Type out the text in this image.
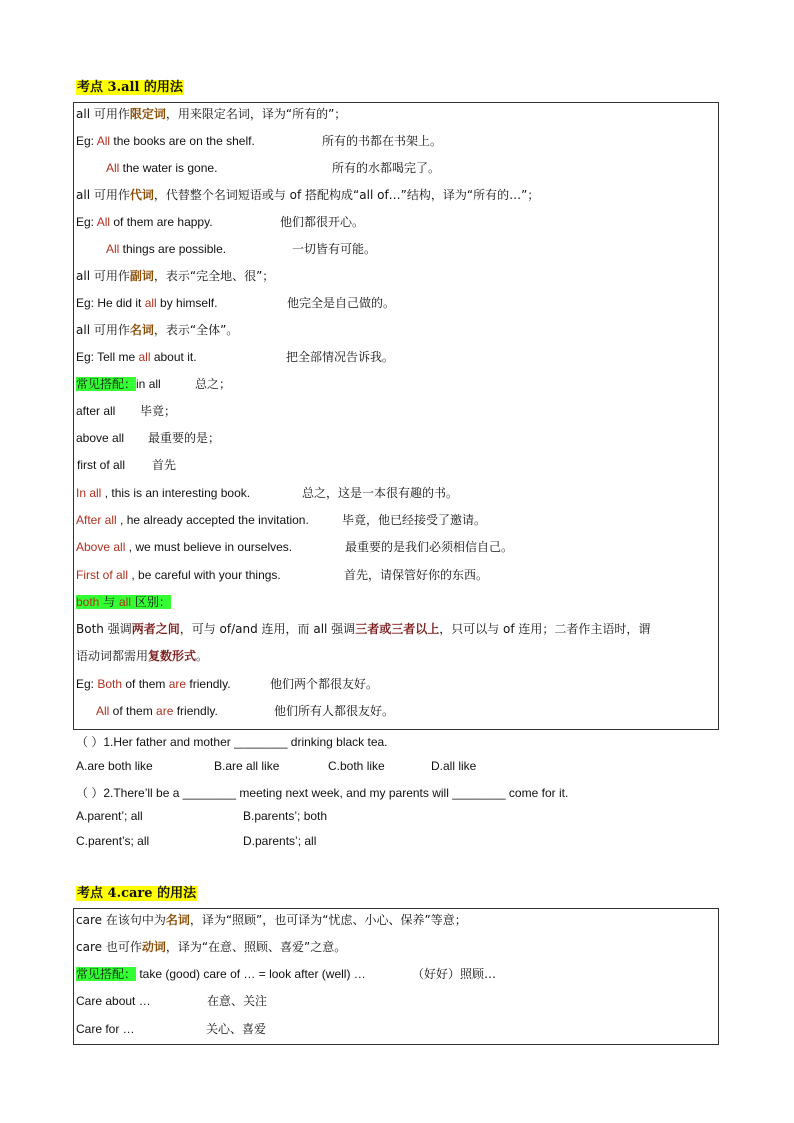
考点 3.all 的用法
all 可用作限定词，用来限定名词，译为“所有的”；
Eg: All the books are on the shelf.	所有的书都在书架上。
All the water is gone.	所有的水都喝完了。
all 可用作代词，代替整个名词短语或与 of 搭配构成“all of…”结构，译为“所有的…”；
Eg: All of them are happy.	他们都很开心。
All things are possible.	一切皆有可能。
all 可用作副词，表示“完全地、很”；
Eg: He did it all by himself.	他完全是自己做的。
all 可用作名词，表示“全体”。
Eg: Tell me all about it.	把全部情况告诉我。
常见搭配：in all	总之；
after all 毕竟；
above all 最重要的是；
first of all 首先
In all , this is an interesting book.	总之，这是一本很有趣的书。
After all , he already accepted the invitation.	毕竟，他已经接受了邀请。
Above all , we must believe in ourselves.	最重要的是我们必须相信自己。
First of all , be careful with your things.	首先，请保管好你的东西。
both 与 all 区别：
Both 强调两者之间，可与 of/and 连用，而 all 强调三者或三者以上，只可以与 of 连用；二者作主语时，谓
语动词都需用复数形式。
Eg: Both of them are friendly.	他们两个都很友好。
All of them are friendly.	他们所有人都很友好。
（ ）1.Her father and mother ________ drinking black tea.
A.are both like	B.are all like	C.both like	D.all like
（ ）2.There’ll be a ________ meeting next week, and my parents will ________ come for it.
A.parent’; all	B.parents’; both
C.parent’s; all	D.parents’; all
考点 4.care 的用法
care 在该句中为名词，译为“照顾”，也可译为“忧虑、小心、保养”等意；
care 也可作动词，译为“在意、照顾、喜爱”之意。
常见搭配： take (good) care of … = look after (well) …	（好好）照顾…
Care about …	在意、关注
Care for …	关心、喜爱
